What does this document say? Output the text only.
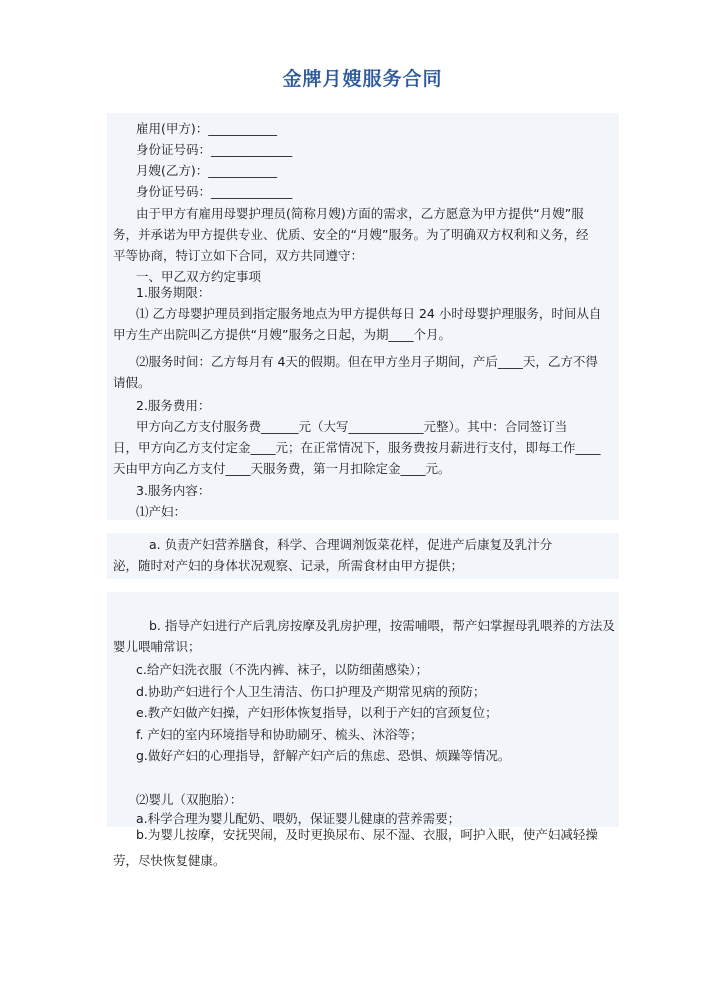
金牌月嫂服务合同
雇用(甲方)：___________
身份证号码：_____________
月嫂(乙方)：___________
身份证号码：_____________
由于甲方有雇用母婴护理员(简称月嫂)方面的需求，乙方愿意为甲方提供“月嫂”服
务，并承诺为甲方提供专业、优质、安全的“月嫂”服务。为了明确双方权利和义务，经
平等协商，特订立如下合同，双方共同遵守：
一、甲乙双方约定事项
1.服务期限：
⑴ 乙方母婴护理员到指定服务地点为甲方提供每日 24 小时母婴护理服务，时间从自
甲方生产出院叫乙方提供“月嫂”服务之日起，为期____个月。
⑵服务时间：乙方每月有 4天的假期。但在甲方坐月子期间，产后____天，乙方不得
请假。
2.服务费用：
甲方向乙方支付服务费______元（大写____________元整）。其中：合同签订当
日，甲方向乙方支付定金____元；在正常情况下，服务费按月薪进行支付，即每工作____
天由甲方向乙方支付____天服务费，第一月扣除定金____元。
3.服务内容：
⑴产妇：
a. 负责产妇营养膳食，科学、合理调剂饭菜花样，促进产后康复及乳汁分
泌，随时对产妇的身体状况观察、记录，所需食材由甲方提供；
b. 指导产妇进行产后乳房按摩及乳房护理，按需哺喂，帮产妇掌握母乳喂养的方法及
婴儿喂哺常识；
c.给产妇洗衣服（不洗内裤、袜子，以防细菌感染）；
d.协助产妇进行个人卫生清洁、伤口护理及产期常见病的预防；
e.教产妇做产妇操，产妇形体恢复指导，以利于产妇的宫颈复位；
f. 产妇的室内环境指导和协助刷牙、梳头、沐浴等；
g.做好产妇的心理指导，舒解产妇产后的焦虑、恐惧、烦躁等情况。
⑵婴儿（双胞胎）：
a.科学合理为婴儿配奶、喂奶，保证婴儿健康的营养需要；
b.为婴儿按摩，安抚哭闹，及时更换尿布、尿不湿、衣服，呵护入眠，使产妇减轻操
劳，尽快恢复健康。
